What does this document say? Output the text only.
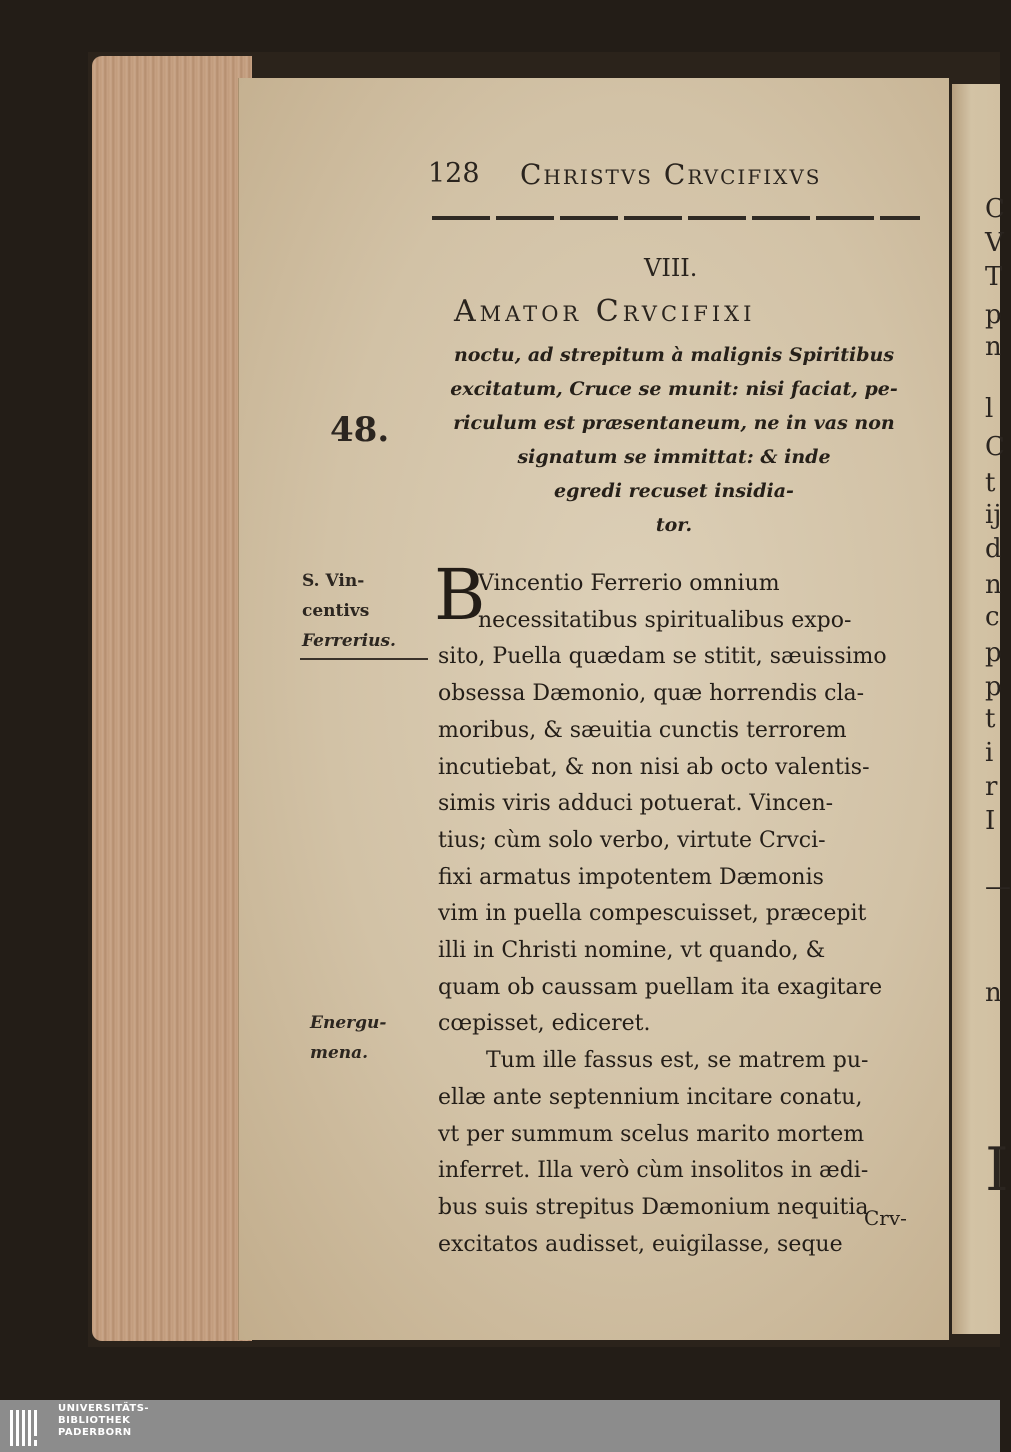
C
V
T
p
n
l
C
t
ij
d
n
c
p
p
t
i
r
I
—
n
I
128 Christvs Crvcifixvs
VIII.
Amator Crvcifixi
noctu, ad strepitum à malignis Spiritibus
excitatum, Cruce se munit: nisi faciat, pe-
riculum est præsentaneum, ne in vas non
signatum se immittat: & inde
egredi recuset insidia-
tor.
48.
S. Vin-
centivs
Ferrerius.
Energu-
mena.
B
Vincentio Ferrerio omnium
necessitatibus spiritualibus expo-
sito, Puella quædam se stitit, sæuissimo
obsessa Dæmonio, quæ horrendis cla-
moribus, & sæuitia cunctis terrorem
incutiebat, & non nisi ab octo valentis-
simis viris adduci potuerat. Vincen-
tius; cùm solo verbo, virtute Crvci-
fixi armatus impotentem Dæmonis
vim in puella compescuisset, præcepit
illi in Christi nomine, vt quando, &
quam ob caussam puellam ita exagitare
cœpisset, ediceret.
Tum ille fassus est, se matrem pu-
ellæ ante septennium incitare conatu,
vt per summum scelus marito mortem
inferret. Illa verò cùm insolitos in ædi-
bus suis strepitus Dæmonium nequitia
excitatos audisset, euigilasse, seque
Crv-
UNIVERSITÄTS-
BIBLIOTHEK
PADERBORN
